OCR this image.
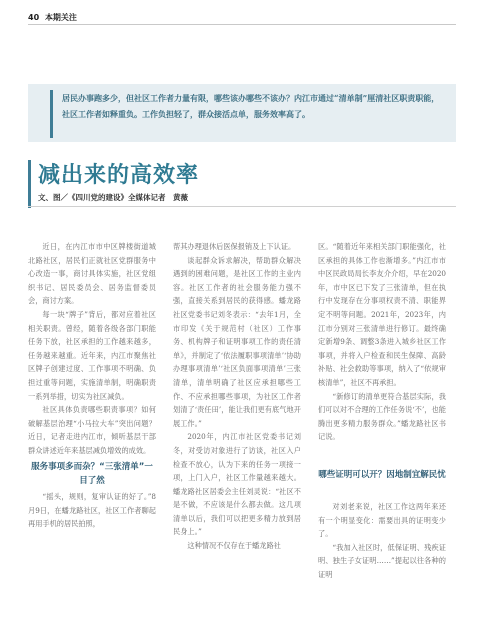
40 本期关注
居民办事跑多少，但社区工作者力量有限，哪些该办哪些不该办？内江市通过“清单制”厘清社区职责职能，社区工作者如释重负。工作负担轻了，群众接活点单，服务效率高了。
减出来的高效率
文、图／《四川党的建设》全媒体记者　黄薇

近日，在内江市市中区牌楼街道城北路社区，居民们正就社区党群服务中心改造一事，商讨具体实施，社区党组织书记、居民委员会、居务监督委员会，商讨方案。

每一块“牌子”背后，都对应着社区相关职责。曾经，随着各级各部门职能任务下放，社区承担的工作越来越多，任务越来越重。近年来，内江市聚焦社区牌子创建过度、工作事项不明确、负担过重等问题，实施清单制，明确职责一系列举措，切实为社区减负。

社区具体负责哪些职责事项？如何破解基层治理“小马拉大车”突出问题？近日，记者走进内江市，倾听基层干部群众讲述近年来基层减负增效的成效。

服务事项多而杂？“三张清单”一目了然

“摇头，规则，复审认证的好了。”8月9日，在蟠龙路社区，社区工作者聊起再用手机的居民拍照，

帮其办理退休后医保报销及上下认证。

谈起群众诉求解决，帮助群众解决遇到的困难问题，是社区工作的主业内容。社区工作者的社会服务能力强不强，直接关系到居民的获得感。蟠龙路社区党委书记刘冬表示：“去年1月，全市印发《关于规范村（社区）工作事务、机构牌子和证明事项工作的责任清单》，并制定了‘依法履职事项清单’‘协助办理事项清单’‘社区负面事项清单’三张清单，清单明确了社区应承担哪些工作、不应承担哪些事项，为社区工作者划清了‘责任田’，能让我们更有底气地开展工作。”

2020年，内江市社区党委书记刘冬，对受访对象进行了访谈，社区入户检查不放心，认为下来的任务一项接一项，上门入户，社区工作量越来越大。蟠龙路社区居委会主任刘灵说：“社区不是不做，不应该是什么都去做。这几项清单以后，我们可以把更多精力放到居民身上。”

这种情况不仅存在于蟠龙路社

区。“随着近年来相关部门职能强化，社区承担的具体工作也渐增多。”内江市市中区民政局局长李友介介绍，早在2020年，市中区已下发了三张清单，但在执行中发现存在分事项权责不清、职能界定不明等问题。2021年，2023年，内江市分别对三张清单进行修订。最终确定新增9条、调整3条进入城乡社区工作事项，并将入户检查和民生保障、高龄补贴、社会救助等事项，纳入了“依规审核清单”，社区不再承担。

“新修订的清单更符合基层实际，我们可以对不合理的工作任务说‘不’，也能腾出更多精力服务群众。”蟠龙路社区书记说。

哪些证明可以开？因地制宜解民忧

对刘老来说，社区工作这两年来还有一个明显变化：需要出具的证明变少了。

“我加入社区时，低保证明、残疾证明、独生子女证明……”提起以往各种的证明
